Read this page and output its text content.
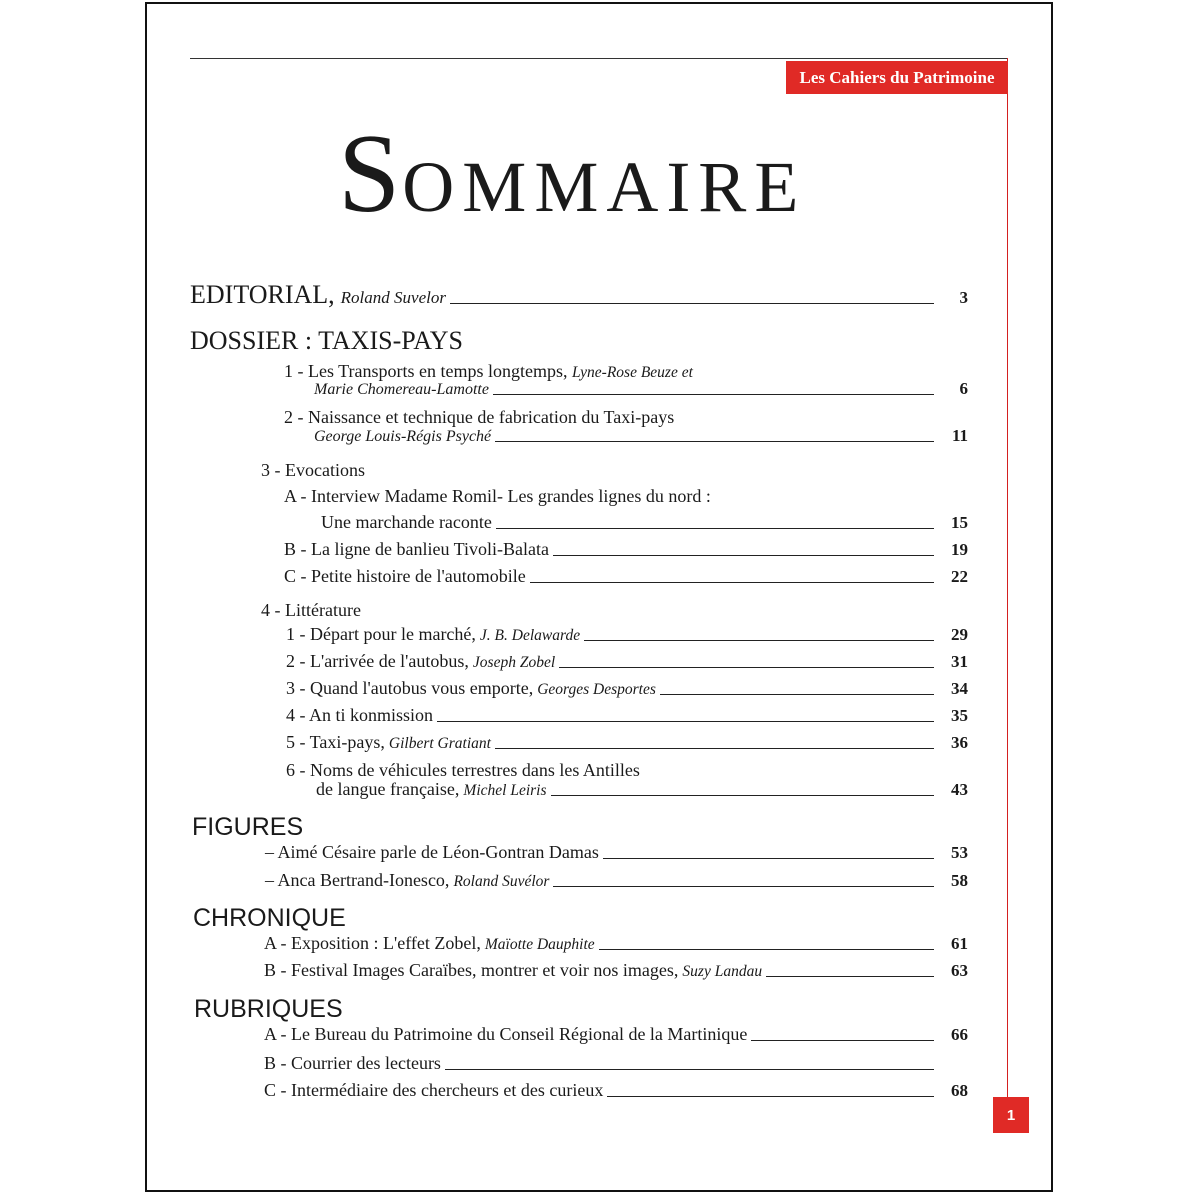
Les Cahiers du Patrimoine
SOMMAIRE
EDITORIAL, Roland Suvelor	3
DOSSIER : TAXIS-PAYS
1 - Les Transports en temps longtemps, Lyne-Rose Beuze et
Marie Chomereau-Lamotte	6
2 - Naissance et technique de fabrication du Taxi-pays
George Louis-Régis Psyché	11
3 - Evocations
A - Interview Madame Romil- Les grandes lignes du nord :
Une marchande raconte	15
B - La ligne de banlieu Tivoli-Balata	19
C - Petite histoire de l'automobile	22
4 - Littérature
1 - Départ pour le marché, J. B. Delawarde	29
2 - L'arrivée de l'autobus, Joseph Zobel	31
3 - Quand l'autobus vous emporte, Georges Desportes	34
4 - An ti konmission	35
5 - Taxi-pays, Gilbert Gratiant	36
6 - Noms de véhicules terrestres dans les Antilles
de langue française, Michel Leiris	43
FIGURES
– Aimé Césaire parle de Léon-Gontran Damas	53
– Anca Bertrand-Ionesco, Roland Suvélor	58
CHRONIQUE
A - Exposition : L'effet Zobel, Maïotte Dauphite	61
B - Festival Images Caraïbes, montrer et voir nos images, Suzy Landau	63
RUBRIQUES
A - Le Bureau du Patrimoine du Conseil Régional de la Martinique	66
B - Courrier des lecteurs
C - Intermédiaire des chercheurs et des curieux	68
1
